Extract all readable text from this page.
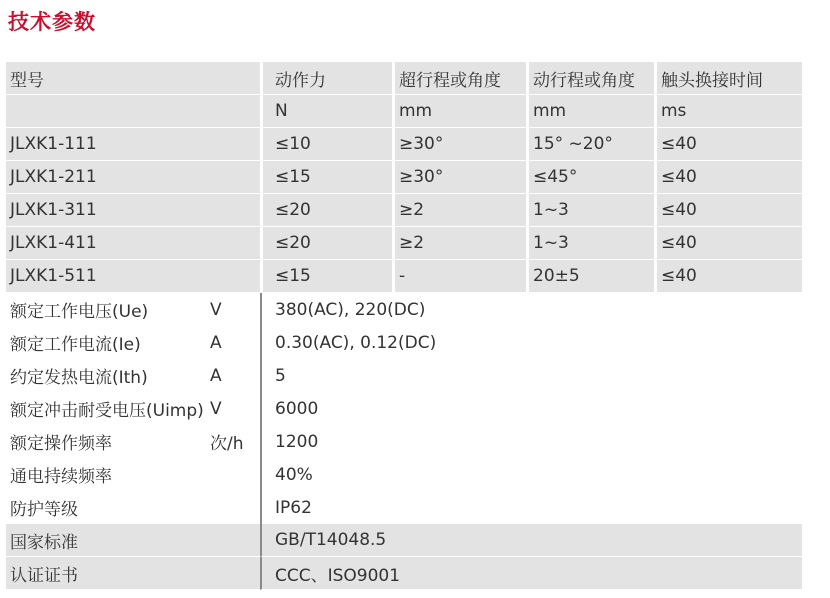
技术参数
型号		动作力	超行程或角度	动行程或角度	触头换接时间
		N	mm	mm	ms
JLXK1-111		≤10	≥30°	15° ~20°	≤40
JLXK1-211		≤15	≥30°	≤45°	≤40
JLXK1-311		≤20	≥2	1~3	≤40
JLXK1-411		≤20	≥2	1~3	≤40
JLXK1-511		≤15	-	20±5	≤40
额定工作电压(Ue)	V	380(AC), 220(DC)			
额定工作电流(Ie)	A	0.30(AC), 0.12(DC)			
约定发热电流(Ith)	A	5			
额定冲击耐受电压(Uimp)	V	6000			
额定操作频率	次/h	1200			
通电持续频率		40%			
防护等级		IP62			
国家标准		GB/T14048.5			
认证证书		CCC、ISO9001			
